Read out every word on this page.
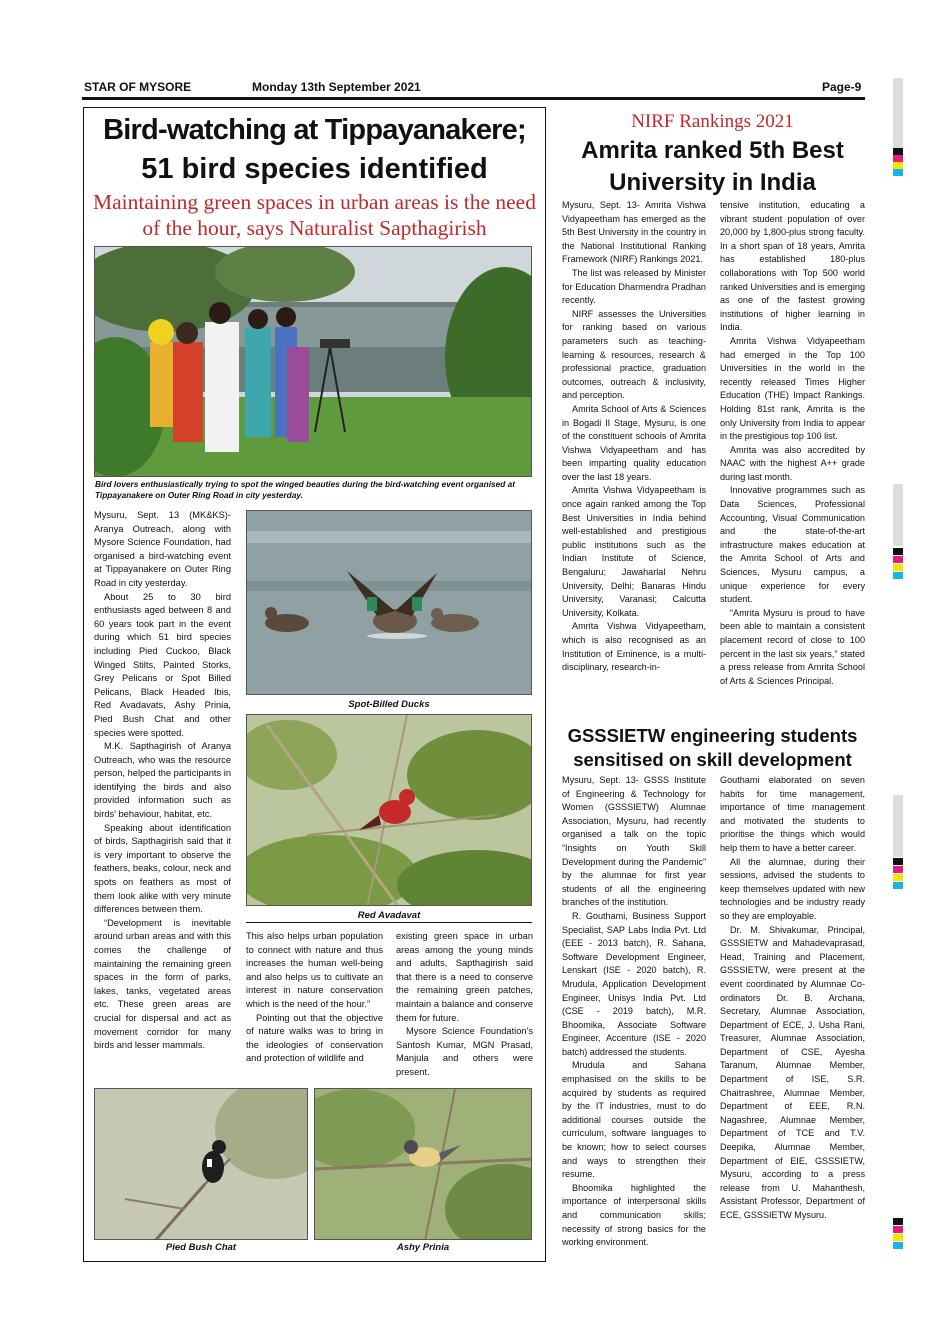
STAR OF MYSORE	Monday 13th September 2021	Page-9
Bird-watching at Tippayanakere;
51 bird species identified
Maintaining green spaces in urban areas is the need of the hour, says Naturalist Sapthagirish
Bird lovers enthusiastically trying to spot the winged beauties during the bird-watching event organised at Tippayanakere on Outer Ring Road in city yesterday.

Mysuru, Sept. 13 (MK&KS)- Aranya Outreach, along with Mysore Science Foundation, had organised a bird-watching event at Tippayanakere on Outer Ring Road in city yesterday.

About 25 to 30 bird enthusiasts aged between 8 and 60 years took part in the event during which 51 bird species including Pied Cuckoo, Black Winged Stilts, Painted Storks, Grey Pelicans or Spot Billed Pelicans, Black Headed Ibis, Red Avadavats, Ashy Prinia, Pied Bush Chat and other species were spotted.

M.K. Sapthagirish of Aranya Outreach, who was the resource person, helped the participants in identifying the birds and also provided information such as birds' behaviour, habitat, etc.

Speaking about identification of birds, Sapthagirish said that it is very important to observe the feathers, beaks, colour, neck and spots on feathers as most of them look alike with very minute differences between them.

“Development is inevitable around urban areas and with this comes the challenge of maintaining the remaining green spaces in the form of parks, lakes, tanks, vegetated areas etc. These green areas are crucial for dispersal and act as movement corridor for many birds and lesser mammals.

Spot-Billed Ducks
Red Avadavat

This also helps urban population to connect with nature and thus increases the human well-being and also helps us to cultivate an interest in nature conservation which is the need of the hour.”

Pointing out that the objective of nature walks was to bring in the ideologies of conservation and protection of wildlife and

existing green space in urban areas among the young minds and adults, Sapthagirish said that there is a need to conserve the remaining green patches, maintain a balance and conserve them for future.

Mysore Science Foundation's Santosh Kumar, MGN Prasad, Manjula and others were present.

Pied Bush Chat	Ashy Prinia
NIRF Rankings 2021
Amrita ranked 5th Best
University in India

Mysuru, Sept. 13- Amrita Vishwa Vidyapeetham has emerged as the 5th Best University in the country in the National Institutional Ranking Framework (NIRF) Rankings 2021.

The list was released by Minister for Education Dharmendra Pradhan recently.

NIRF assesses the Universities for ranking based on various parameters such as teaching-learning & resources, research & professional practice, graduation outcomes, outreach & inclusivity, and perception.

Amrita School of Arts & Sciences in Bogadi II Stage, Mysuru, is one of the constituent schools of Amrita Vishwa Vidyapeetham and has been imparting quality education over the last 18 years.

Amrita Vishwa Vidyapeetham is once again ranked among the Top Best Universities in India behind well-established and prestigious public institutions such as the Indian Institute of Science, Bengaluru; Jawaharlal Nehru University, Delhi; Banaras Hindu University, Varanasi; Calcutta University, Kolkata.

Amrita Vishwa Vidyapeetham, which is also recognised as an Institution of Eminence, is a multi-disciplinary, research-in-

tensive institution, educating a vibrant student population of over 20,000 by 1,800-plus strong faculty. In a short span of 18 years, Amrita has established 180-plus collaborations with Top 500 world ranked Universities and is emerging as one of the fastest growing institutions of higher learning in India.

Amrita Vishwa Vidyapeetham had emerged in the Top 100 Universities in the world in the recently released Times Higher Education (THE) Impact Rankings. Holding 81st rank, Amrita is the only University from India to appear in the prestigious top 100 list.

Amrita was also accredited by NAAC with the highest A++ grade during last month.

Innovative programmes such as Data Sciences, Professional Accounting, Visual Communication and the state-of-the-art infrastructure makes education at the Amrita School of Arts and Sciences, Mysuru campus, a unique experience for every student.

“Amrita Mysuru is proud to have been able to maintain a consistent placement record of close to 100 percent in the last six years,” stated a press release from Amrita School of Arts & Sciences Principal.

GSSSIETW engineering students
sensitised on skill development

Mysuru, Sept. 13- GSSS Institute of Engineering & Technology for Women (GSSSIETW) Alumnae Association, Mysuru, had recently organised a talk on the topic “Insights on Youth Skill Development during the Pandemic” by the alumnae for first year students of all the engineering branches of the institution.

R. Gouthami, Business Support Specialist, SAP Labs India Pvt. Ltd (EEE - 2013 batch), R. Sahana, Software Development Engineer, Lenskart (ISE - 2020 batch), R. Mrudula, Application Development Engineer, Unisys India Pvt. Ltd (CSE - 2019 batch), M.R. Bhoomika, Associate Software Engineer, Accenture (ISE - 2020 batch) addressed the students.

Mrudula and Sahana emphasised on the skills to be acquired by students as required by the IT industries, must to do additional courses outside the curriculum, software languages to be known; how to select courses and ways to strengthen their resume.

Bhoomika highlighted the importance of interpersonal skills and communication skills; necessity of strong basics for the working environment.

Gouthami elaborated on seven habits for time management, importance of time management and motivated the students to prioritise the things which would help them to have a better career.

All the alumnae, during their sessions, advised the students to keep themselves updated with new technologies and be industry ready so they are employable.

Dr. M. Shivakumar, Principal, GSSSIETW and Mahadevaprasad, Head, Training and Placement, GSSSIETW, were present at the event coordinated by Alumnae Co-ordinators Dr. B. Archana, Secretary, Alumnae Association, Department of ECE, J. Usha Rani, Treasurer, Alumnae Association, Department of CSE, Ayesha Taranum, Alumnae Member, Department of ISE, S.R. Chaitrashree, Alumnae Member, Department of EEE, R.N. Nagashree, Alumnae Member, Department of TCE and T.V. Deepika, Alumnae Member, Department of EIE, GSSSIETW, Mysuru, according to a press release from U. Mahanthesh, Assistant Professor, Department of ECE, GSSSIETW Mysuru.
